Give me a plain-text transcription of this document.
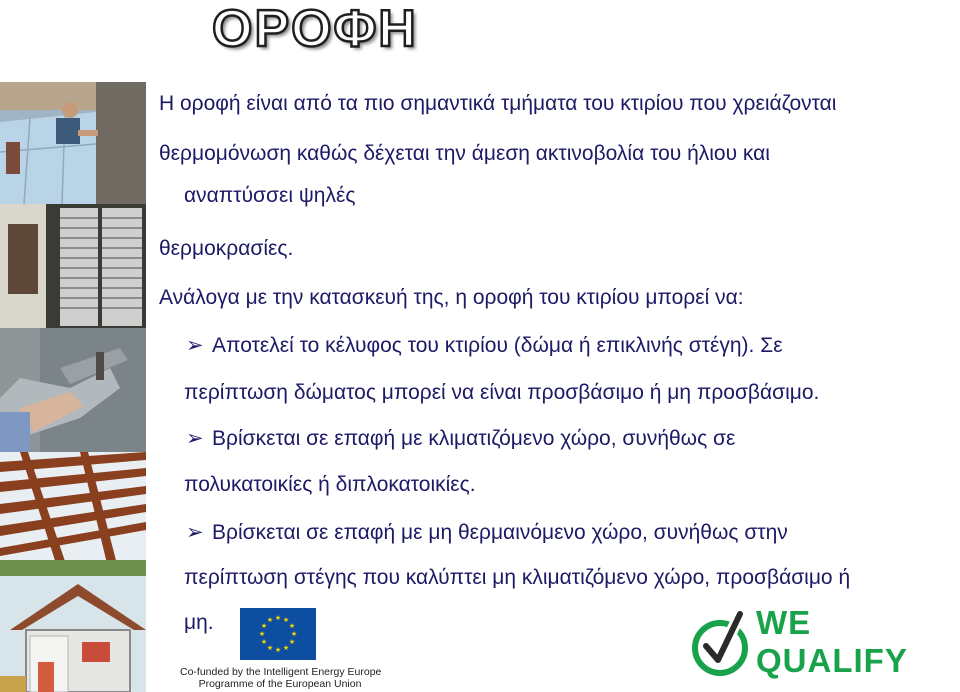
ΟΡΟΦΗ
Η οροφή είναι από τα πιο σημαντικά τμήματα του κτιρίου που χρειάζονται
θερμομόνωση καθώς δέχεται την άμεση ακτινοβολία του ήλιου και
αναπτύσσει ψηλές
θερμοκρασίες.
Ανάλογα με την κατασκευή της, η οροφή του κτιρίου μπορεί να:
➢ Αποτελεί το κέλυφος του κτιρίου (δώμα ή επικλινής στέγη). Σε
περίπτωση δώματος μπορεί να είναι προσβάσιμο ή μη προσβάσιμο.
➢ Βρίσκεται σε επαφή με κλιματιζόμενο χώρο, συνήθως σε
πολυκατοικίες ή διπλοκατοικίες.
➢ Βρίσκεται σε επαφή με μη θερμαινόμενο χώρο, συνήθως στην
περίπτωση στέγης που καλύπτει μη κλιματιζόμενο χώρο, προσβάσιμο ή
μη.	★ ★
★
★
★
★
★
★
★
★
★
★
Co-funded by the Intelligent Energy Europe
Programme of the European Union
WE
QUALIFY
